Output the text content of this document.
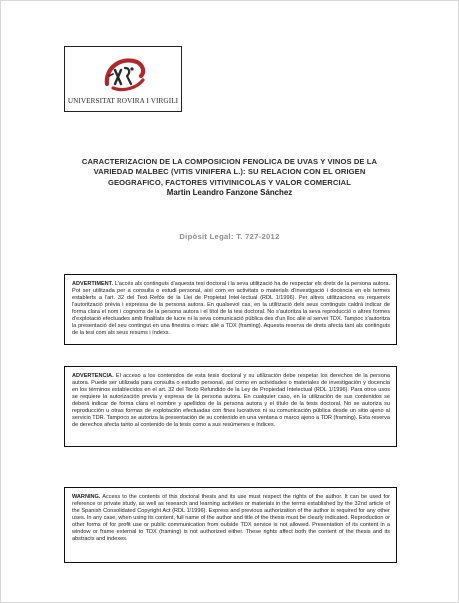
UNIVERSITAT ROVIRA I VIRGILI
CARACTERIZACION DE LA COMPOSICION FENOLICA DE UVAS Y VINOS DE LA
VARIEDAD MALBEC (VITIS VINIFERA L.): SU RELACION CON EL ORIGEN
GEOGRAFICO, FACTORES VITIVINICOLAS Y VALOR COMERCIAL
Martin Leandro Fanzone Sánchez
Dipòsit Legal: T. 727-2012
ADVERTIMENT. L'accés als continguts d'aquesta tesi doctoral i la seva utilització ha de respectar els drets de la persona autora. Pot ser utilitzada per a consulta o estudi personal, així com en activitats o materials d'investigació i docència en els termes establerts a l'art. 32 del Text Refós de la Llei de Propietat Intel·lectual (RDL 1/1996). Per altres utilitzacions es requereix l'autorització prèvia i expressa de la persona autora. En qualsevol cas, en la utilització dels seus continguts caldrà indicar de forma clara el nom i cognoms de la persona autora i el títol de la tesi doctoral. No s'autoritza la seva reproducció o altres formes d'explotació efectuades amb finalitats de lucre ni la seva comunicació pública des d'un lloc aliè al servei TDX. Tampoc s'autoritza la presentació del seu contingut en una finestra o marc aliè a TDX (framing). Aquesta reserva de drets afecta tant als continguts de la tesi com als seus resums i índexs.
ADVERTENCIA. El acceso a los contenidos de esta tesis doctoral y su utilización debe respetar los derechos de la persona autora. Puede ser utilizada para consulta o estudio personal, así como en actividades o materiales de investigación y docencia en los términos establecidos en el art. 32 del Texto Refundido de la Ley de Propiedad Intelectual (RDL 1/1996). Para otros usos se requiere la autorización previa y expresa de la persona autora. En cualquier caso, en la utilización de sus contenidos se deberá indicar de forma clara el nombre y apellidos de la persona autora y el título de la tesis doctoral. No se autoriza su reproducción u otras formas de explotación efectuadas con fines lucrativos ni su comunicación pública desde un sitio ajeno al servicio TDR. Tampoco se autoriza la presentación de su contenido en una ventana o marco ajeno a TDR (framing). Esta reserva de derechos afecta tanto al contenido de la tesis como a sus resúmenes e índices.
WARNING. Access to the contents of this doctoral thesis and its use must respect the rights of the author. It can be used for reference or private study, as well as research and learning activities or materials in the terms established by the 32nd article of the Spanish Consolidated Copyright Act (RDL 1/1996). Express and previous authorization of the author is required for any other uses. In any case, when using its content, full name of the author and title of the thesis must be clearly indicated. Reproduction or other forms of for profit use or public communication from outside TDX service is not allowed. Presentation of its content in a window or frame external to TDX (framing) is not authorized either. These rights affect both the content of the thesis and its abstracts and indexes.
